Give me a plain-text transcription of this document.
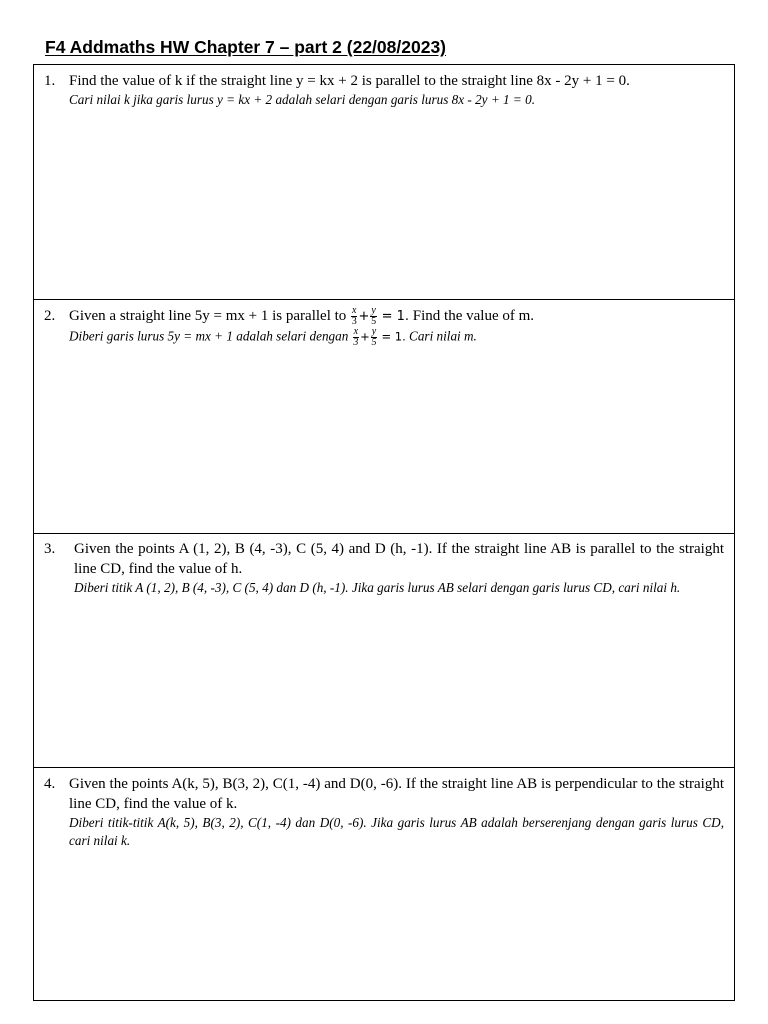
F4 Addmaths HW Chapter 7 – part 2 (22/08/2023)
1. Find the value of k if the straight line y = kx + 2 is parallel to the straight line 8x - 2y + 1 = 0.
Cari nilai k jika garis lurus y = kx + 2 adalah selari dengan garis lurus 8x - 2y + 1 = 0.
2. Given a straight line 5y = mx + 1 is parallel to $\frac{x}{3} + \frac{y}{5} = 1$. Find the value of m.
Diberi garis lurus 5y = mx + 1 adalah selari dengan $\frac{x}{3} + \frac{y}{5} = 1$. Cari nilai m.
3. Given the points A (1, 2), B (4, -3), C (5, 4) and D (h, -1). If the straight line AB is parallel to the straight line CD, find the value of h.
Diberi titik A (1, 2), B (4, -3), C (5, 4) dan D (h, -1). Jika garis lurus AB selari dengan garis lurus CD, cari nilai h.
4. Given the points A(k, 5), B(3, 2), C(1, -4) and D(0, -6). If the straight line AB is perpendicular to the straight line CD, find the value of k.
Diberi titik-titik A(k, 5), B(3, 2), C(1, -4) dan D(0, -6). Jika garis lurus AB adalah berserenjang dengan garis lurus CD, cari nilai k.
